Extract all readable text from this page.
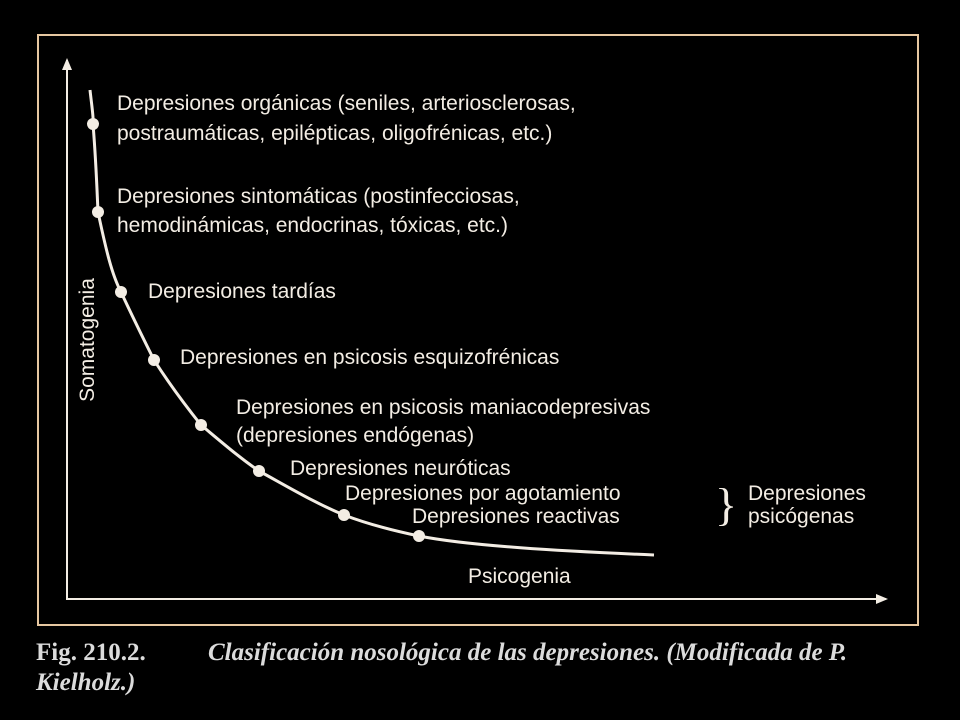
Somatogenia
Psicogenia
Depresiones orgánicas (seniles, arteriosclerosas,
postraumáticas, epilépticas, oligofrénicas, etc.)
Depresiones sintomáticas (postinfecciosas,
hemodinámicas, endocrinas, tóxicas, etc.)
Depresiones tardías
Depresiones en psicosis esquizofrénicas
Depresiones en psicosis maniacodepresivas
(depresiones endógenas)
Depresiones neuróticas
Depresiones por agotamiento
Depresiones reactivas } Depresiones
psicógenas
Fig. 210.2. Clasificación nosológica de las depresiones. (Modificada de P. Kielholz.)
